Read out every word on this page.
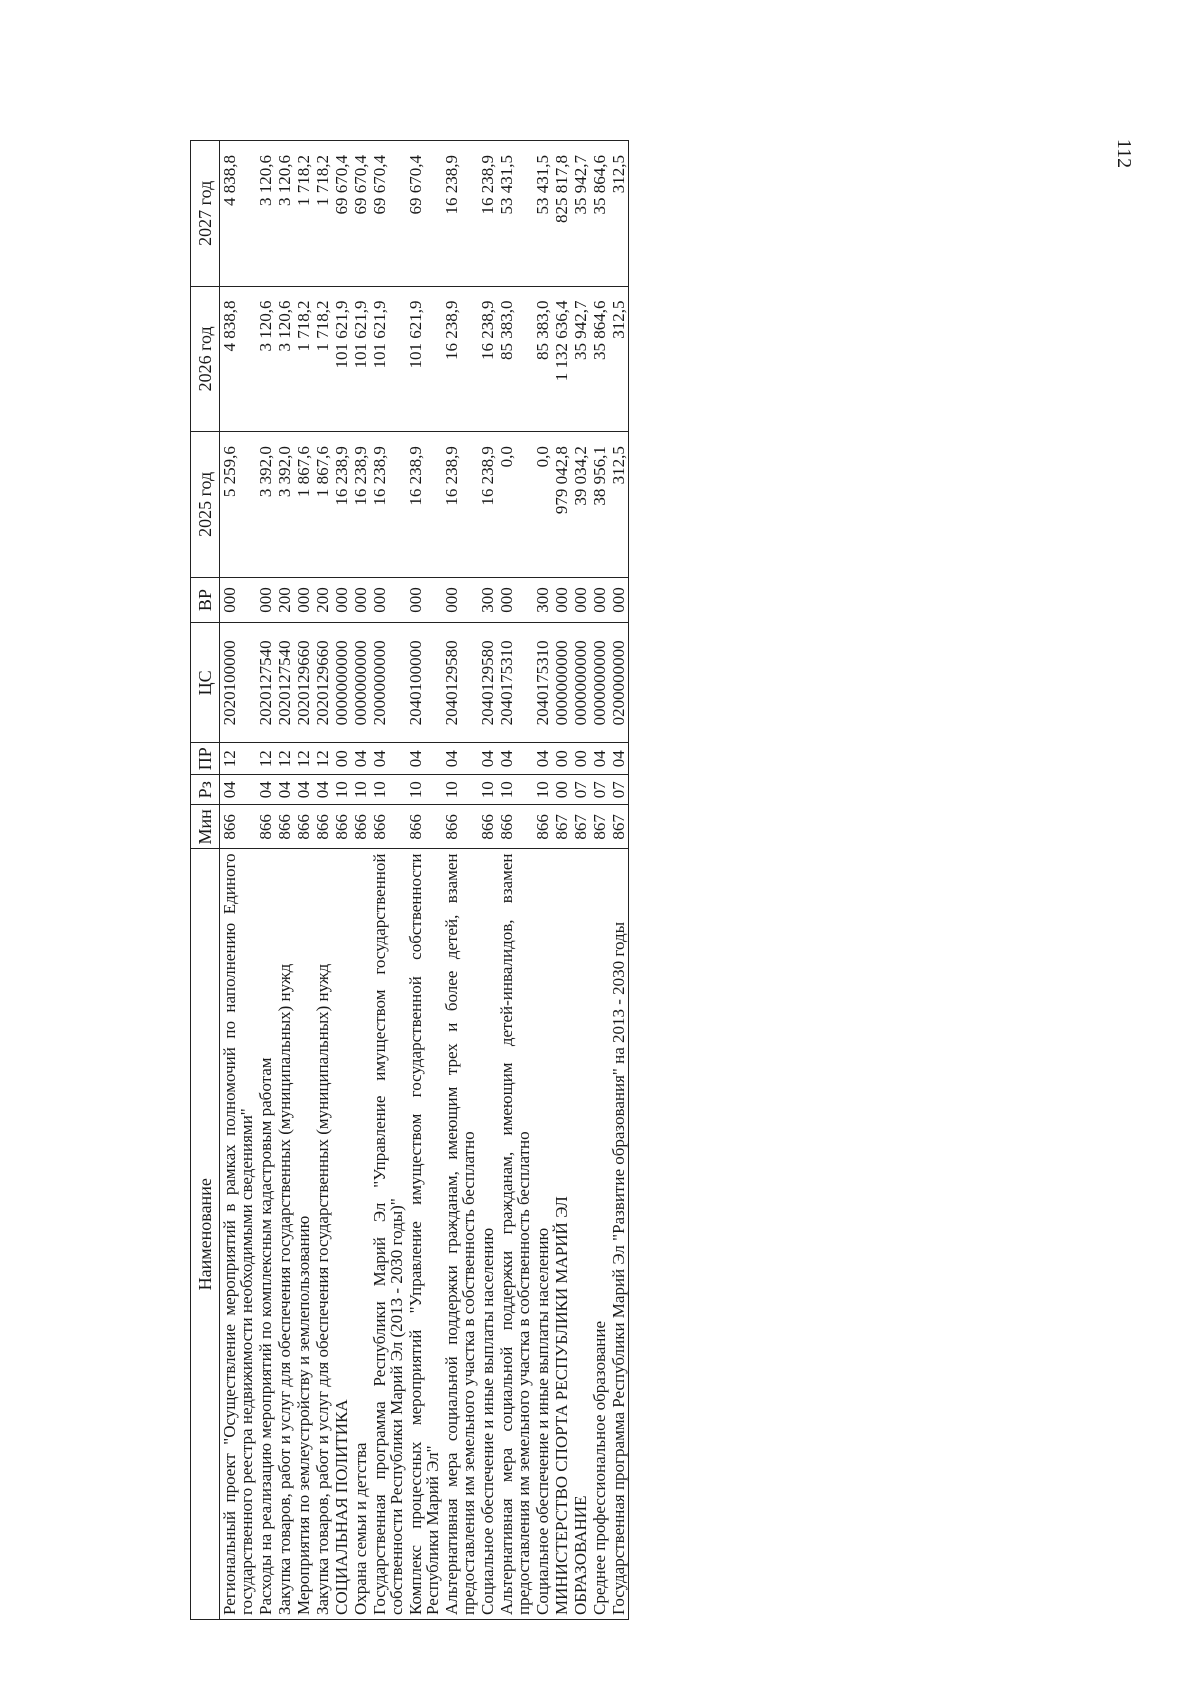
112
Наименование	Мин	Рз	ПР	ЦС	ВР	2025 год	2026 год	2027 год
Региональный проект "Осуществление мероприятий в рамках полномочий по наполнению Единого государственного реестра недвижимости необходимыми сведениями"	866	04	12	2020100000	000	5 259,6	4 838,8	4 838,8
Расходы на реализацию мероприятий по комплексным кадастровым работам	866	04	12	2020127540	000	3 392,0	3 120,6	3 120,6
Закупка товаров, работ и услуг для обеспечения государственных (муниципальных) нужд	866	04	12	2020127540	200	3 392,0	3 120,6	3 120,6
Мероприятия по землеустройству и землепользованию	866	04	12	2020129660	000	1 867,6	1 718,2	1 718,2
Закупка товаров, работ и услуг для обеспечения государственных (муниципальных) нужд	866	04	12	2020129660	200	1 867,6	1 718,2	1 718,2
СОЦИАЛЬНАЯ ПОЛИТИКА	866	10	00	0000000000	000	16 238,9	101 621,9	69 670,4
Охрана семьи и детства	866	10	04	0000000000	000	16 238,9	101 621,9	69 670,4
Государственная программа Республики Марий Эл "Управление имуществом государственной собственности Республики Марий Эл (2013 - 2030 годы)"	866	10	04	2000000000	000	16 238,9	101 621,9	69 670,4
Комплекс процессных мероприятий "Управление имуществом государственной собственности Республики Марий Эл"	866	10	04	2040100000	000	16 238,9	101 621,9	69 670,4
Альтернативная мера социальной поддержки гражданам, имеющим трех и более детей, взамен предоставления им земельного участка в собственность бесплатно	866	10	04	2040129580	000	16 238,9	16 238,9	16 238,9
Социальное обеспечение и иные выплаты населению	866	10	04	2040129580	300	16 238,9	16 238,9	16 238,9
Альтернативная мера социальной поддержки гражданам, имеющим детей-инвалидов, взамен предоставления им земельного участка в собственность бесплатно	866	10	04	2040175310	000	0,0	85 383,0	53 431,5
Социальное обеспечение и иные выплаты населению	866	10	04	2040175310	300	0,0	85 383,0	53 431,5
МИНИСТЕРСТВО СПОРТА РЕСПУБЛИКИ МАРИЙ ЭЛ	867	00	00	0000000000	000	979 042,8	1 132 636,4	825 817,8
ОБРАЗОВАНИЕ	867	07	00	0000000000	000	39 034,2	35 942,7	35 942,7
Среднее профессиональное образование	867	07	04	0000000000	000	38 956,1	35 864,6	35 864,6
Государственная программа Республики Марий Эл "Развитие образования" на 2013 - 2030 годы	867	07	04	0200000000	000	312,5	312,5	312,5
